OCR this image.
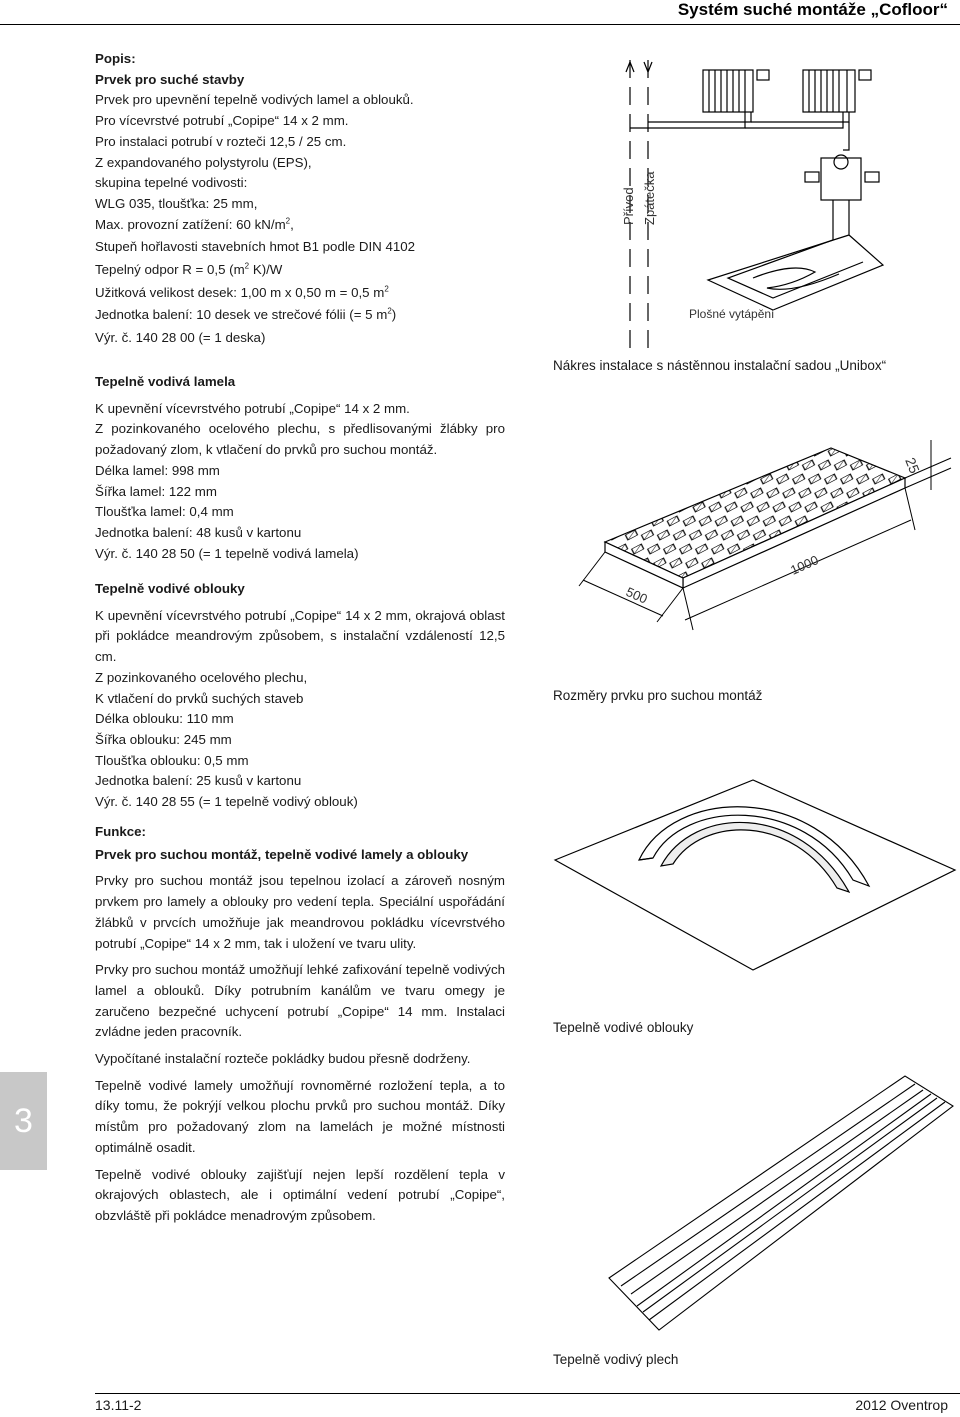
Systém suché montáže „Cofloor“

Popis:

Prvek pro suché stavby

Prvek pro upevnění tepelně vodivých lamel a oblouků.

Pro vícevrstvé potrubí „Copipe“ 14 x 2 mm.

Pro instalaci potrubí v rozteči 12,5 / 25 cm.

Z expandovaného polystyrolu (EPS),

skupina tepelné vodivosti:

WLG 035, tloušťka: 25 mm,

Max. provozní zatížení: 60 $kN/m^2$,

Stupeň hořlavosti stavebních hmot B1 podle DIN 4102

Tepelný odpor R = 0,5 ($m^2$ K)/W

Užitková velikost desek: 1,00 m x 0,50 m = 0,5 $m^2$

Jednotka balení: 10 desek ve strečové fólii (= 5 $m^2$)

Výr. č. 140 28 00 (= 1 deska)

Tepelně vodivá lamela

K upevnění vícevrstvého potrubí „Copipe“ 14 x 2 mm.

Z pozinkovaného ocelového plechu, s předlisovanými žlábky pro požadovaný zlom, k vtlačení do prvků pro suchou montáž.

Délka lamel: 998 mm

Šířka lamel: 122 mm

Tloušťka lamel: 0,4 mm

Jednotka balení: 48 kusů v kartonu

Výr. č. 140 28 50 (= 1 tepelně vodivá lamela)

Tepelně vodivé oblouky

K upevnění vícevrstvého potrubí „Copipe“ 14 x 2 mm, okrajová oblast při pokládce meandrovým způsobem, s instalační vzdáleností 12,5 cm.

Z pozinkovaného ocelového plechu,

K vtlačení do prvků suchých staveb

Délka oblouku: 110 mm

Šířka oblouku: 245 mm

Tloušťka oblouku: 0,5 mm

Jednotka balení: 25 kusů v kartonu

Výr. č. 140 28 55 (= 1 tepelně vodivý oblouk)

Funkce:

Prvek pro suchou montáž, tepelně vodivé lamely a oblouky

Prvky pro suchou montáž jsou tepelnou izolací a zároveň nosným prvkem pro lamely a oblouky pro vedení tepla. Speciální uspořádání žlábků v prvcích umožňuje jak meandrovou pokládku vícevrstvého potrubí „Copipe“ 14 x 2 mm, tak i uložení ve tvaru ulity.

Prvky pro suchou montáž umožňují lehké zafixování tepelně vodivých lamel a oblouků. Díky potrubním kanálům ve tvaru omegy je zaručeno bezpečné uchycení potrubí „Copipe“ 14 mm. Instalaci zvládne jeden pracovník.

Vypočítané instalační rozteče pokládky budou přesně dodrženy.

Tepelně vodivé lamely umožňují rovnoměrné rozložení tepla, a to díky tomu, že pokrýjí velkou plochu prvků pro suchou montáž. Díky místům pro požadovaný zlom na lamelách je možné místnosti optimálně osadit.

Tepelně vodivé oblouky zajišťují nejen lepší rozdělení tepla v okrajových oblastech, ale i optimální vedení potrubí „Copipe“, obzvláště při pokládce menadrovým způsobem.

Přívod Zpátečka
Plošné vytápění
Nákres instalace s nástěnnou instalační sadou „Unibox“
25
1000
500
Rozměry prvku pro suchou montáž
Tepelně vodivé oblouky
Tepelně vodivý plech
3
13.11-2	2012 Oventrop
